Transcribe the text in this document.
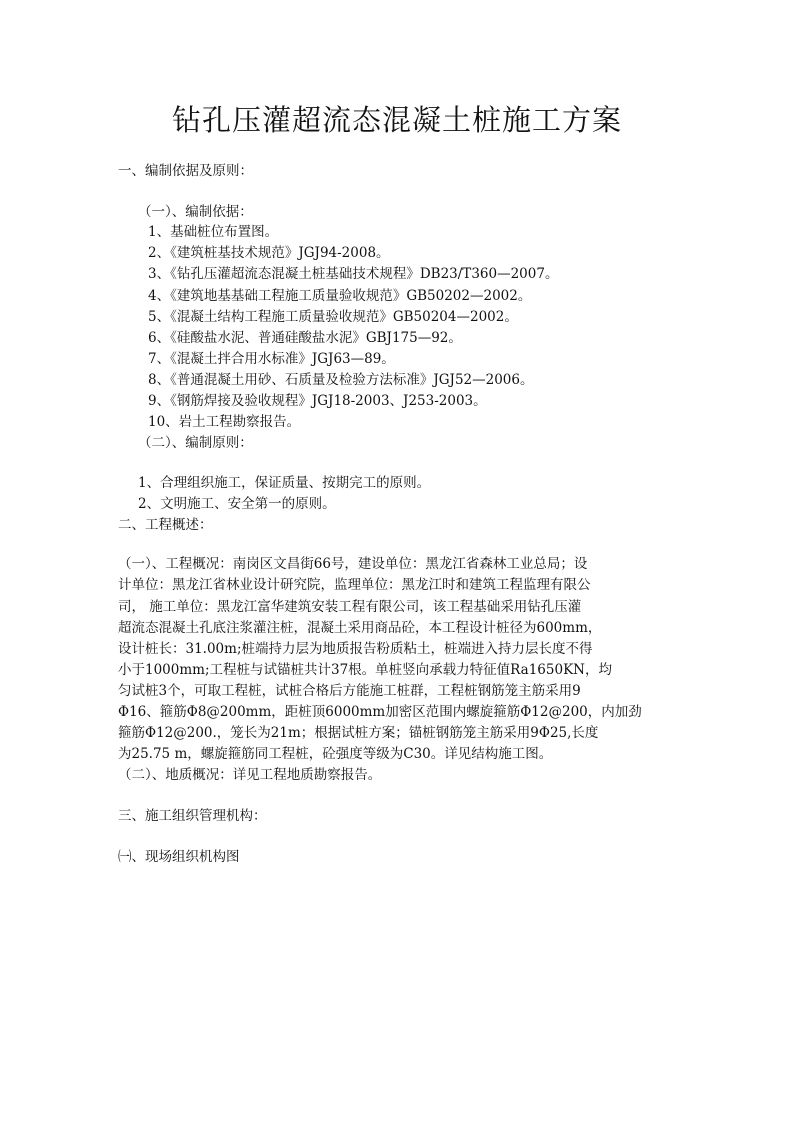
钻孔压灌超流态混凝土桩施工方案
一、编制依据及原则：
（一）、编制依据：
1、基础桩位布置图。
2、《建筑桩基技术规范》JGJ94-2008。
3、《钻孔压灌超流态混凝土桩基础技术规程》DB23/T360—2007。
4、《建筑地基基础工程施工质量验收规范》GB50202—2002。
5、《混凝土结构工程施工质量验收规范》GB50204—2002。
6、《硅酸盐水泥、普通硅酸盐水泥》GBJ175—92。
7、《混凝土拌合用水标准》JGJ63—89。
8、《普通混凝土用砂、石质量及检验方法标准》JGJ52—2006。
9、《钢筋焊接及验收规程》JGJ18-2003、J253-2003。
10、岩土工程勘察报告。
（二）、编制原则：
1、合理组织施工，保证质量、按期完工的原则。
2、文明施工、安全第一的原则。
二、工程概述：
（一）、工程概况：南岗区文昌街66号，建设单位：黑龙江省森林工业总局；设
计单位：黑龙江省林业设计研究院，监理单位：黑龙江时和建筑工程监理有限公
司， 施工单位：黑龙江富华建筑安装工程有限公司，该工程基础采用钻孔压灌
超流态混凝土孔底注浆灌注桩，混凝土采用商品砼，本工程设计桩径为600mm，
设计桩长：31.00m;桩端持力层为地质报告粉质粘土，桩端进入持力层长度不得
小于1000mm;工程桩与试锚桩共计37根。单桩竖向承载力特征值Ra1650KN，均
匀试桩3个，可取工程桩，试桩合格后方能施工桩群，工程桩钢筋笼主筋采用9
Φ16、箍筋Φ8@200mm，距桩顶6000mm加密区范围内螺旋箍筋Φ12@200，内加劲
箍筋Φ12@200.，笼长为21m；根据试桩方案；锚桩钢筋笼主筋采用9Φ25,长度
为25.75 m，螺旋箍筋同工程桩，砼强度等级为C30。详见结构施工图。
（二）、地质概况：详见工程地质勘察报告。
三、施工组织管理机构：
㈠、现场组织机构图
